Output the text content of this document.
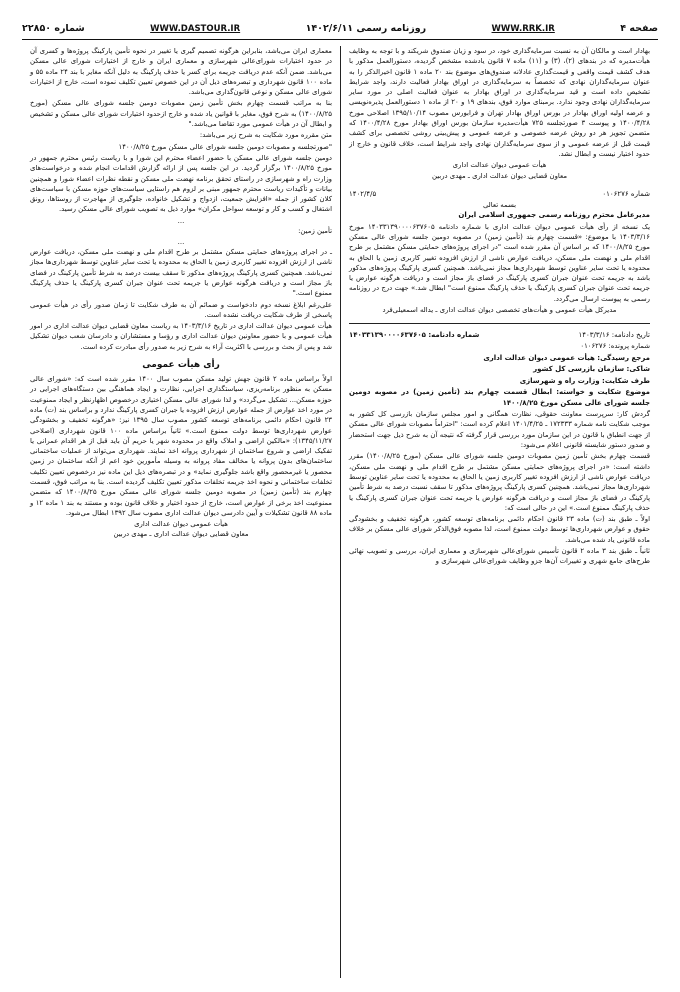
صفحه ۴
WWW.RRK.IR
روزنامه رسمی ۱۴۰۲/۶/۱۱
WWW.DASTOUR.IR
شماره ۲۲۸۵۰

بهادار است و مالکان آن به نسبت سرمایه‌گذاری خود، در سود و زیان صندوق شریکند و با توجه به وظایف هیأت‌مدیره که در بندهای (۲)، (۳) و (۱۱) ماده ۷ قانون یادشده مشخص گردیده، دستورالعمل مذکور با هدف کشف قیمت واقعی و قیمت‌گذاری عادلانه صندوق‌های موضوع بند ۲۰ ماده ۱ قانون اخیرالذکر را به عنوان سرمایه‌گذاران نهادی که تخصصاً به سرمایه‌گذاری در اوراق بهادار فعالیت دارند، واجد شرایط تشخیص داده است و قید سرمایه‌گذاری در اوراق بهادار به عنوان فعالیت اصلی در مورد سایر سرمایه‌گذاران نهادی وجود ندارد. برمبنای موارد فوق، بندهای ۱۹ و ۲۰ از ماده ۱ دستورالعمل پذیره‌نویسی و عرضه اولیه اوراق بهادار در بورس اوراق بهادار تهران و فرابورس مصوب ۱۳۹۵/۱۰/۱۴ اصلاحی مورخ ۱۴۰۰/۴/۲۸ و پیوست ۳ صورتجلسه ۷۲۵ هیأت‌مدیره سازمان بورس اوراق بهادار مورخ ۱۴۰۰/۴/۲۸ که متضمن تجویز هر دو روش عرضه خصوصی و عرضه عمومی و پیش‌بینی روشی تخصصی برای کشف قیمت قبل از عرضه عمومی و از سوی سرمایه‌گذاران نهادی واجد شرایط است، خلاف قانون و خارج از حدود اختیار نیست و ابطال نشد.

هیأت عمومی دیوان عدالت اداری
معاون قضایی دیوان عدالت اداری ـ مهدی دربین
شماره ۰۱۰۶۲۷۶
۱۴۰۲/۴/۵
بسمه تعالی

مدیرعامل محترم روزنامه رسمی جمهوری اسلامی ایران

یک نسخه از رأی هیأت عمومی دیوان عدالت اداری با شماره دادنامه ۱۴۰۳۳۱۳۹۰۰۰۰۶۳۷۶۰۵ مورخ ۱۴۰۳/۳/۱۶ با موضوع: «قسمت چهارم بند (تأمین زمین) در مصوبه دومین جلسه شورای عالی مسکن مورخ ۱۴۰۰/۸/۲۵ که بر اساس آن مقرر شده است "در اجرای پروژه‌های حمایتی مسکن مشتمل بر طرح اقدام ملی و نهضت ملی مسکن، دریافت عوارض ناشی از ارزش افزوده تغییر کاربری زمین یا الحاق به محدوده یا تحت سایر عناوین توسط شهرداری‌ها مجاز نمی‌باشد. همچنین کسری پارکینگ پروژه‌های مذکور باشد به جریمه تحت عنوان جبران کسری پارکینگ در فضای باز مجاز است و دریافت هرگونه عوارض یا جریمه تحت عنوان جبران کسری پارکینگ یا حذف پارکینگ ممنوع است" ابطال شد.» جهت درج در روزنامه رسمی به پیوست ارسال می‌گردد.

مدیرکل هیأت عمومی و هیأت‌های تخصصی دیوان عدالت اداری ـ یداله اسمعیلی‌فرد
تاریخ دادنامه: ۱۴۰۳/۳/۱۶
شماره دادنامه: ۱۴۰۳۳۱۳۹۰۰۰۰۶۳۷۶۰۵

شماره پرونده: ۰۱۰۶۲۷۶

مرجع رسیدگی: هیأت عمومی دیوان عدالت اداری

شاکی: سازمان بازرسی کل کشور

طرف شکایت: وزارت راه و شهرسازی

موضوع شکایت و خواسته: ابطال قسمت چهارم بند (تأمین زمین) در مصوبه دومین جلسه شورای عالی مسکن مورخ ۱۴۰۰/۸/۲۵

گردش کار: سرپرست معاونت حقوقی، نظارت همگانی و امور مجلس سازمان بازرسی کل کشور به موجب شکایت نامه شماره ۱۷۲۳۳۳ ـ ۱۴۰۱/۴/۲۵ اعلام کرده است: "احتراماً مصوبات شورای عالی مسکن از جهت انطباق با قانون در این سازمان مورد بررسی قرار گرفته که نتیجه آن به شرح ذیل جهت استحضار و صدور دستور شایسته قانونی اعلام می‌شود:

قسمت چهارم بخش تأمین زمین مصوبات دومین جلسه شورای عالی مسکن (مورخ ۱۴۰۰/۸/۲۵) مقرر داشته است: «در اجرای پروژه‌های حمایتی مسکن مشتمل بر طرح اقدام ملی و نهضت ملی مسکن، دریافت عوارض ناشی از ارزش افزوده تغییر کاربری زمین یا الحاق به محدوده یا تحت سایر عناوین توسط شهرداری‌ها مجاز نمی‌باشد. همچنین کسری پارکینگ پروژه‌های مذکور تا سقف نسبت درصد به شرط تأمین پارکینگ در فضای باز مجاز است و دریافت هرگونه عوارض یا جریمه تحت عنوان جبران کسری پارکینگ یا حذف پارکینگ ممنوع است.» این در حالی است که:

اولاً ـ طبق بند (ت) ماده ۲۳ قانون احکام دائمی برنامه‌های توسعه کشور، هرگونه تخفیف و بخشودگی حقوق و عوارض شهرداری‌ها توسط دولت ممنوع است، لذا مصوبه فوق‌الذکر شورای عالی مسکن بر خلاف ماده قانونی یاد شده می‌باشد.

ثانیاً ـ طبق بند ۳ ماده ۲ قانون تأسیس شورای‌عالی شهرسازی و معماری ایران، بررسی و تصویب نهائی طرح‌های جامع شهری و تغییرات آن‌ها جزو وظایف شورای‌عالی شهرسازی و

معماری ایران می‌باشد، بنابراین هرگونه تصمیم گیری یا تغییر در نحوه تأمین پارکینگ پروژه‌ها و کسری آن در حدود اختیارات شورای‌عالی شهرسازی و معماری ایران و خارج از اختیارات شورای عالی مسکن می‌باشد. ضمن آنکه عدم دریافت جریمه برای کسر یا حذف پارکینگ به دلیل آنکه مغایر با بند ۲۴ ماده ۵۵ و ماده ۱۰۰ قانون شهرداری و تبصره‌های ذیل آن در این خصوص تعیین تکلیف نموده است، خارج از اختیارات شورای عالی مسکن و نوعی قانون‌گذاری می‌باشد.

بنا به مراتب قسمت چهارم بخش تأمین زمین مصوبات دومین جلسه شورای عالی مسکن (مورخ ۱۴۰۰/۸/۲۵) به شرح فوق، مغایر با قوانین یاد شده و خارج ازحدود اختیارات شورای عالی مسکن و تشخیص و ابطال آن در هیأت عمومی مورد تقاضا می‌باشد."

متن مقرره مورد شکایت به شرح زیر می‌باشد:

"صورتجلسه و مصوبات دومین جلسه شورای عالی مسکن مورخ ۱۴۰۰/۸/۲۵

دومین جلسه شورای عالی مسکن با حضور اعضاء محترم این شورا و با ریاست رئیس محترم جمهور در مورخ ۱۴۰۰/۸/۲۵ برگزار گردید. در این جلسه پس از ارائه گزارش اقدامات انجام شده و درخواست‌های وزارت راه و شهرسازی در راستای تحقق برنامه نهضت ملی مسکن و نقطه نظرات اعضاء شورا و همچنین بیانات و تأکیدات ریاست محترم جمهور مبنی بر لزوم هم راستایی سیاست‌های حوزه مسکن با سیاست‌های کلان کشور از جمله «افزایش جمعیت، ازدواج و تشکیل خانواده، جلوگیری از مهاجرت از روستاها، رونق اشتغال و کسب و کار و توسعه سواحل مکران» موارد ذیل به تصویب شورای عالی مسکن رسید.

...

تأمین زمین:

...

ـ در اجرای پروژه‌های حمایتی مسکن مشتمل بر طرح اقدام ملی و نهضت ملی مسکن، دریافت عوارض ناشی از ارزش افزوده تغییر کاربری زمین یا الحاق به محدوده یا تحت سایر عناوین توسط شهرداری‌ها مجاز نمی‌باشد. همچنین کسری پارکینگ پروژه‌های مذکور تا سقف بیست درصد به شرط تأمین پارکینگ در فضای باز مجاز است و دریافت هرگونه عوارض یا جریمه تحت عنوان جبران کسری پارکینگ یا حذف پارکینگ ممنوع است."

علی‌رغم ابلاغ نسخه دوم دادخواست و ضمائم آن به طرف شکایت تا زمان صدور رأی در هیأت عمومی پاسخی از طرف شکایت دریافت نشده است.

هیأت عمومی دیوان عدالت اداری در تاریخ ۱۴۰۳/۳/۱۶ به ریاست معاون قضایی دیوان عدالت اداری در امور هیأت عمومی و با حضور معاونین دیوان عدالت اداری و رؤسا و مستشاران و دادرسان شعب دیوان تشکیل شد و پس از بحث و بررسی با اکثریت آراء به شرح زیر به صدور رأی مبادرت کرده است.

رأی هیأت عمومی

اولاً براساس ماده ۲ قانون جهش تولید مسکن مصوب سال ۱۴۰۰ مقرر شده است که: «شورای عالی مسکن به منظور برنامه‌ریزی، سیاستگذاری اجرایی، نظارت و ایجاد هماهنگی بین دستگاه‌های اجرایی در حوزه مسکن... تشکیل می‌گردد» و لذا شورای عالی مسکن اختیاری درخصوص اظهارنظر و ایجاد ممنوعیت در مورد اخذ عوارض از جمله عوارض ارزش افزوده یا جبران کسری پارکینگ ندارد و براساس بند (ت) ماده ۲۳ قانون احکام دائمی برنامه‌های توسعه کشور مصوب سال ۱۳۹۵ نیز: «هرگونه تخفیف و بخشودگی عوارض شهرداری‌ها توسط دولت ممنوع است.» ثانیاً براساس ماده ۱۰۰ قانون شهرداری (اصلاحی ۱۳۴۵/۱۱/۲۷): «مالکین اراضی و املاک واقع در محدوده شهر یا حریم آن باید قبل از هر اقدام عمرانی یا تفکیک اراضی و شروع ساختمان از شهرداری پروانه اخذ نمایند. شهرداری می‌تواند از عملیات ساختمانی ساختمان‌های بدون پروانه یا مخالف مفاد پروانه به وسیله مأمورین خود اعم از آنکه ساختمان در زمین محصور یا غیرمحصور واقع باشد جلوگیری نماید» و در تبصره‌های ذیل این ماده نیز درخصوص تعیین تکلیف تخلفات ساختمانی و نحوه اخذ جریمه تخلفات مذکور تعیین تکلیف گردیده است. بنا به مراتب فوق، قسمت چهارم بند (تأمین زمین) در مصوبه دومین جلسه شورای عالی مسکن مورخ ۱۴۰۰/۸/۲۵ که متضمن ممنوعیت اخذ برخی از عوارض است، خارج از حدود اختیار و خلاف قانون بوده و مستند به بند ۱ ماده ۱۲ و ماده ۸۸ قانون تشکیلات و آیین دادرسی دیوان عدالت اداری مصوب سال ۱۳۹۲ ابطال می‌شود.

هیأت عمومی دیوان عدالت اداری
معاون قضایی دیوان عدالت اداری ـ مهدی دربین
